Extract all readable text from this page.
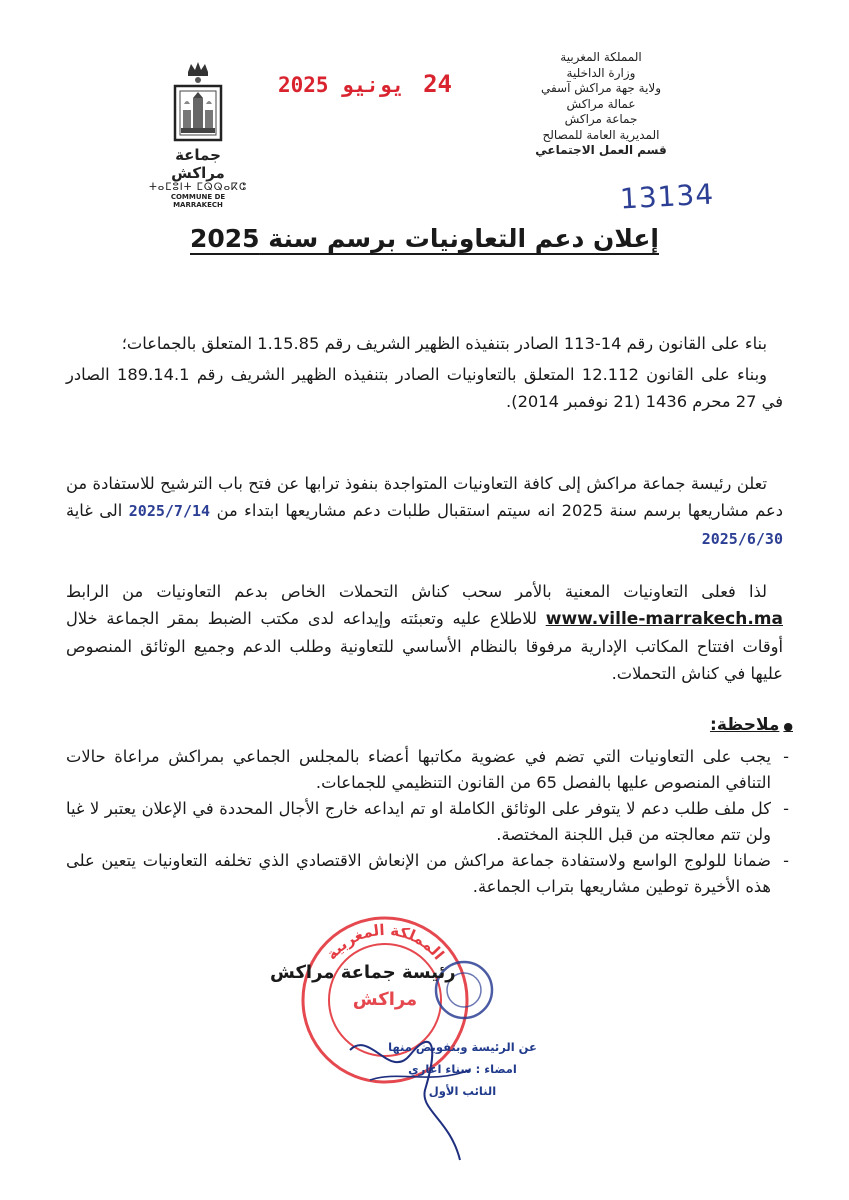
المملكة المغربية
وزارة الداخلية
ولاية جهة مراكش آسفي
عمالة مراكش
جماعة مراكش
المديرية العامة للمصالح
قسم العمل الاجتماعي
13134
24 يونيو 2025
جماعة مراكش
ⵜⴰⵎⵓⵏⵜ ⵎⵕⵕⴰⴽⵛ
COMMUNE DE MARRAKECH
إعلان دعم التعاونيات برسم سنة 2025

بناء على القانون رقم 14-113 الصادر بتنفيذه الظهير الشريف رقم 1.15.85 المتعلق بالجماعات؛

وبناء على القانون 12.112 المتعلق بالتعاونيات الصادر بتنفيذه الظهير الشريف رقم 189.14.1 الصادر في 27 محرم 1436 (21 نوفمبر 2014).

تعلن رئيسة جماعة مراكش إلى كافة التعاونيات المتواجدة بنفوذ ترابها عن فتح باب الترشيح للاستفادة من دعم مشاريعها برسم سنة 2025 انه سيتم استقبال طلبات دعم مشاريعها ابتداء من 2025/7/14 الى غاية 2025/6/30

لذا فعلى التعاونيات المعنية بالأمر سحب كناش التحملات الخاص بدعم التعاونيات من الرابط www.ville-marrakech.ma للاطلاع عليه وتعبئته وإيداعه لدى مكتب الضبط بمقر الجماعة خلال أوقات افتتاح المكاتب الإدارية مرفوقا بالنظام الأساسي للتعاونية وطلب الدعم وجميع الوثائق المنصوص عليها في كناش التحملات.

● ملاحظة:
- يجب على التعاونيات التي تضم في عضوية مكاتبها أعضاء بالمجلس الجماعي بمراكش مراعاة حالات التنافي المنصوص عليها بالفصل 65 من القانون التنظيمي للجماعات.
- كل ملف طلب دعم لا يتوفر على الوثائق الكاملة او تم ايداعه خارج الأجال المحددة في الإعلان يعتبر لا غيا ولن تتم معالجته من قبل اللجنة المختصة.
- ضمانا للولوج الواسع ولاستفادة جماعة مراكش من الإنعاش الاقتصادي الذي تخلفه التعاونيات يتعين على هذه الأخيرة توطين مشاريعها بتراب الجماعة.
المملكة المغربية
مراكش
رئيسة جماعة مراكش
عن الرئيسة وبتفويض منها
امضاء : سناء اغاري
النائب الأول
